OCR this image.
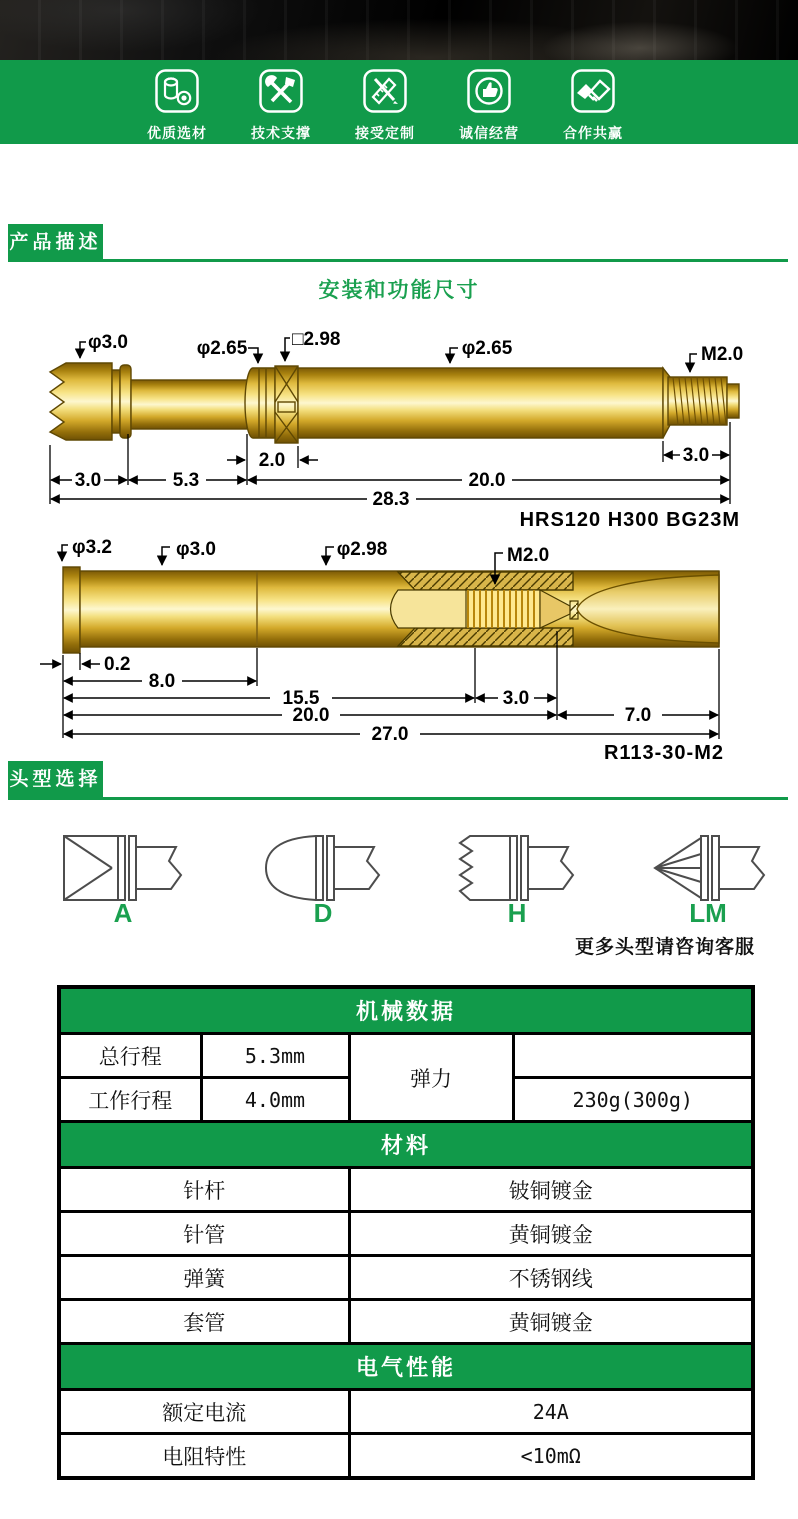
优质选材	技术支撑	接受定制	诚信经营	合作共赢
产品描述
安装和功能尺寸
φ3.0	φ2.65 □2.98	φ2.65	M2.0
2.0	3.0
3.0	5.3	20.0
28.3
HRS120 H300 BG23M
φ3.2	φ3.0	φ2.98	M2.0
0.2
8.0
15.5	3.0
20.0	7.0
27.0
R113-30-M2
头型选择
A	D	H	LM
更多头型请咨询客服
机械数据			
总行程	5.3mm	弹力	
工作行程	4.0mm		230g(300g)
材料			
针杆		铍铜镀金	
针管		黄铜镀金	
弹簧		不锈钢线	
套管		黄铜镀金	
电气性能			
额定电流		24A	
电阻特性		<10mΩ	
